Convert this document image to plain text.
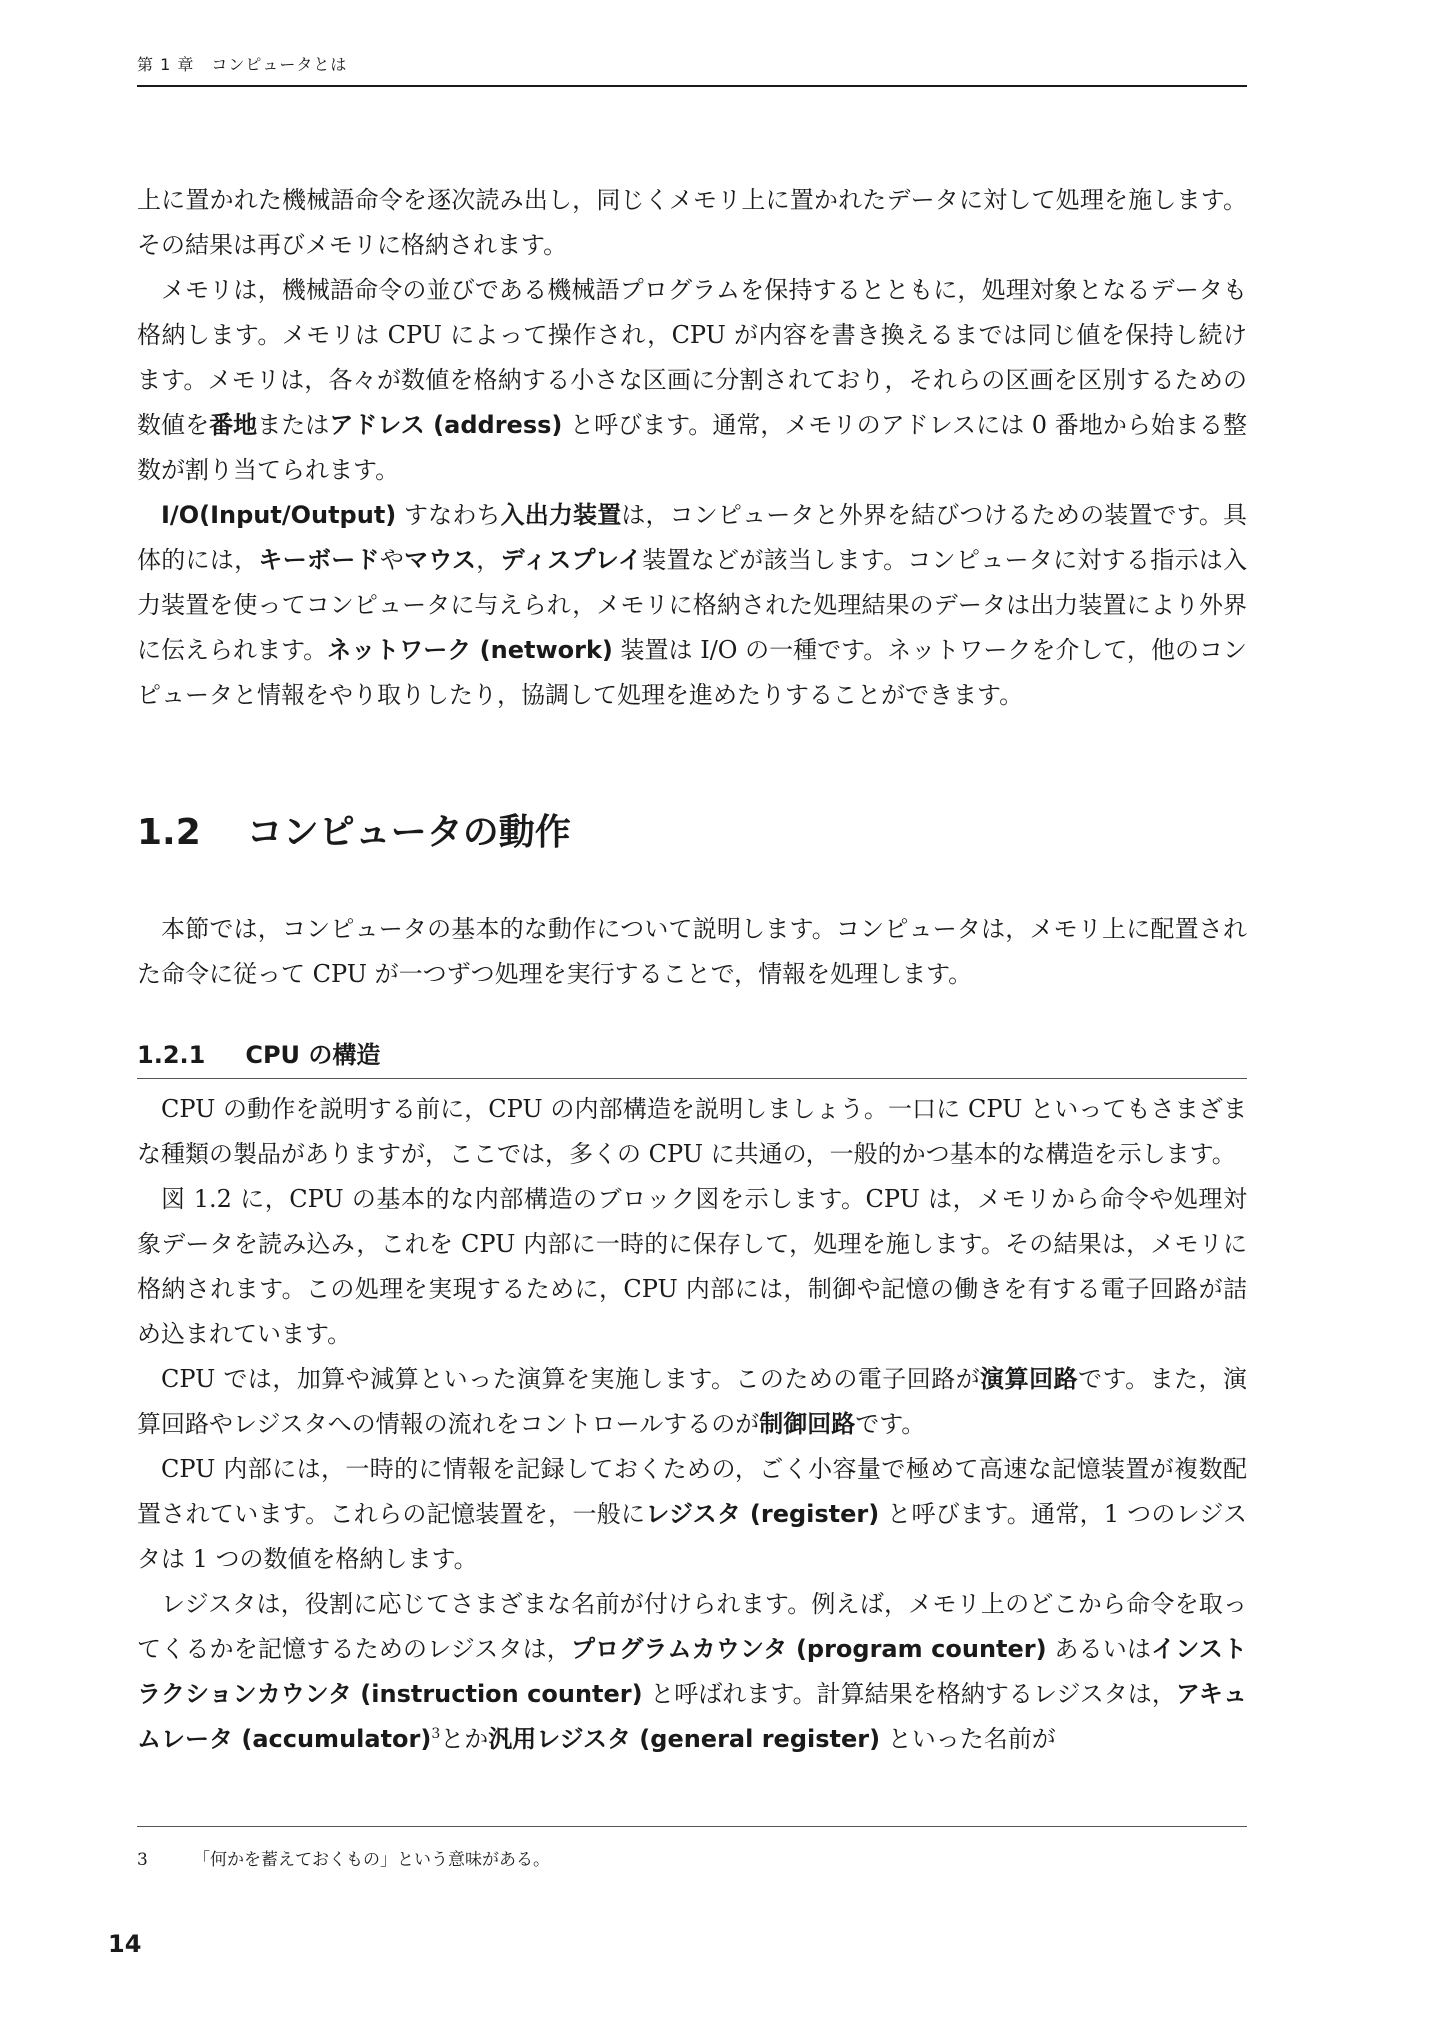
第 1 章　コンピュータとは

上に置かれた機械語命令を逐次読み出し，同じくメモリ上に置かれたデータに対して処理を施します。その結果は再びメモリに格納されます。

メモリは，機械語命令の並びである機械語プログラムを保持するとともに，処理対象となるデータも格納します。メモリは CPU によって操作され，CPU が内容を書き換えるまでは同じ値を保持し続けます。メモリは，各々が数値を格納する小さな区画に分割されており，それらの区画を区別するための数値を番地またはアドレス (address) と呼びます。通常，メモリのアドレスには 0 番地から始まる整数が割り当てられます。

I/O(Input/Output) すなわち入出力装置は，コンピュータと外界を結びつけるための装置です。具体的には，キーボードやマウス，ディスプレイ装置などが該当します。コンピュータに対する指示は入力装置を使ってコンピュータに与えられ，メモリに格納された処理結果のデータは出力装置により外界に伝えられます。ネットワーク (network) 装置は I/O の一種です。ネットワークを介して，他のコンピュータと情報をやり取りしたり，協調して処理を進めたりすることができます。

1.2 コンピュータの動作

本節では，コンピュータの基本的な動作について説明します。コンピュータは，メモリ上に配置された命令に従って CPU が一つずつ処理を実行することで，情報を処理します。

1.2.1 CPU の構造

CPU の動作を説明する前に，CPU の内部構造を説明しましょう。一口に CPU といってもさまざまな種類の製品がありますが，ここでは，多くの CPU に共通の，一般的かつ基本的な構造を示します。

図 1.2 に，CPU の基本的な内部構造のブロック図を示します。CPU は，メモリから命令や処理対象データを読み込み，これを CPU 内部に一時的に保存して，処理を施します。その結果は，メモリに格納されます。この処理を実現するために，CPU 内部には，制御や記憶の働きを有する電子回路が詰め込まれています。

CPU では，加算や減算といった演算を実施します。このための電子回路が演算回路です。また，演算回路やレジスタへの情報の流れをコントロールするのが制御回路です。

CPU 内部には，一時的に情報を記録しておくための，ごく小容量で極めて高速な記憶装置が複数配置されています。これらの記憶装置を，一般にレジスタ (register) と呼びます。通常，1 つのレジスタは 1 つの数値を格納します。

レジスタは，役割に応じてさまざまな名前が付けられます。例えば，メモリ上のどこから命令を取ってくるかを記憶するためのレジスタは，プログラムカウンタ (program counter) あるいはインストラクションカウンタ (instruction counter) と呼ばれます。計算結果を格納するレジスタは，アキュムレータ (accumulator)$^3$とか汎用レジスタ (general register) といった名前が

3	「何かを蓄えておくもの」という意味がある。
14
